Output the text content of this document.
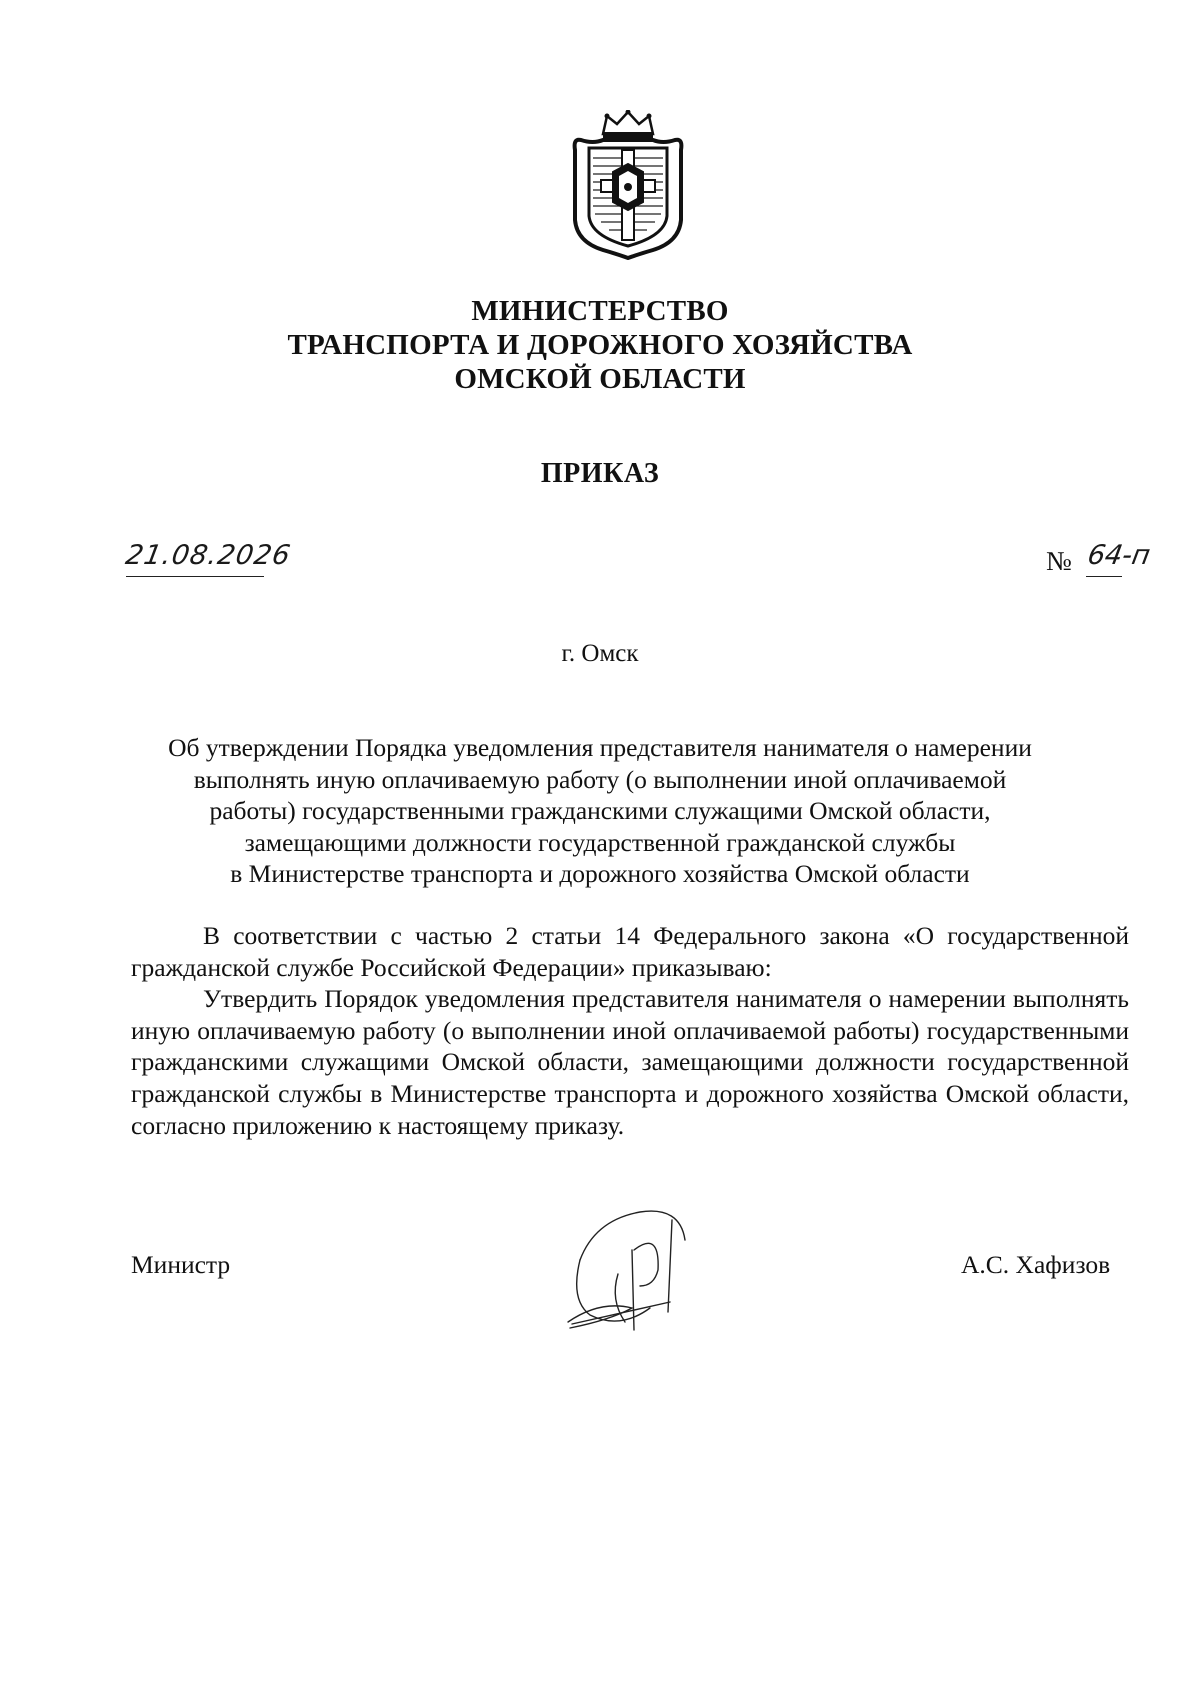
МИНИСТЕРСТВО
ТРАНСПОРТА И ДОРОЖНОГО ХОЗЯЙСТВА
ОМСКОЙ ОБЛАСТИ
ПРИКАЗ
21.08.2026	№ 64-п
г. Омск
Об утверждении Порядка уведомления представителя нанимателя о намерении
выполнять иную оплачиваемую работу (о выполнении иной оплачиваемой
работы) государственными гражданскими служащими Омской области,
замещающими должности государственной гражданской службы
в Министерстве транспорта и дорожного хозяйства Омской области

В соответствии с частью 2 статьи 14 Федерального закона «О государственной гражданской службе Российской Федерации» приказываю:

Утвердить Порядок уведомления представителя нанимателя о намерении выполнять иную оплачиваемую работу (о выполнении иной оплачиваемой работы) государственными гражданскими служащими Омской области, замещающими должности государственной гражданской службы в Министерстве транспорта и дорожного хозяйства Омской области, согласно приложению к настоящему приказу.

Министр	А.С. Хафизов
